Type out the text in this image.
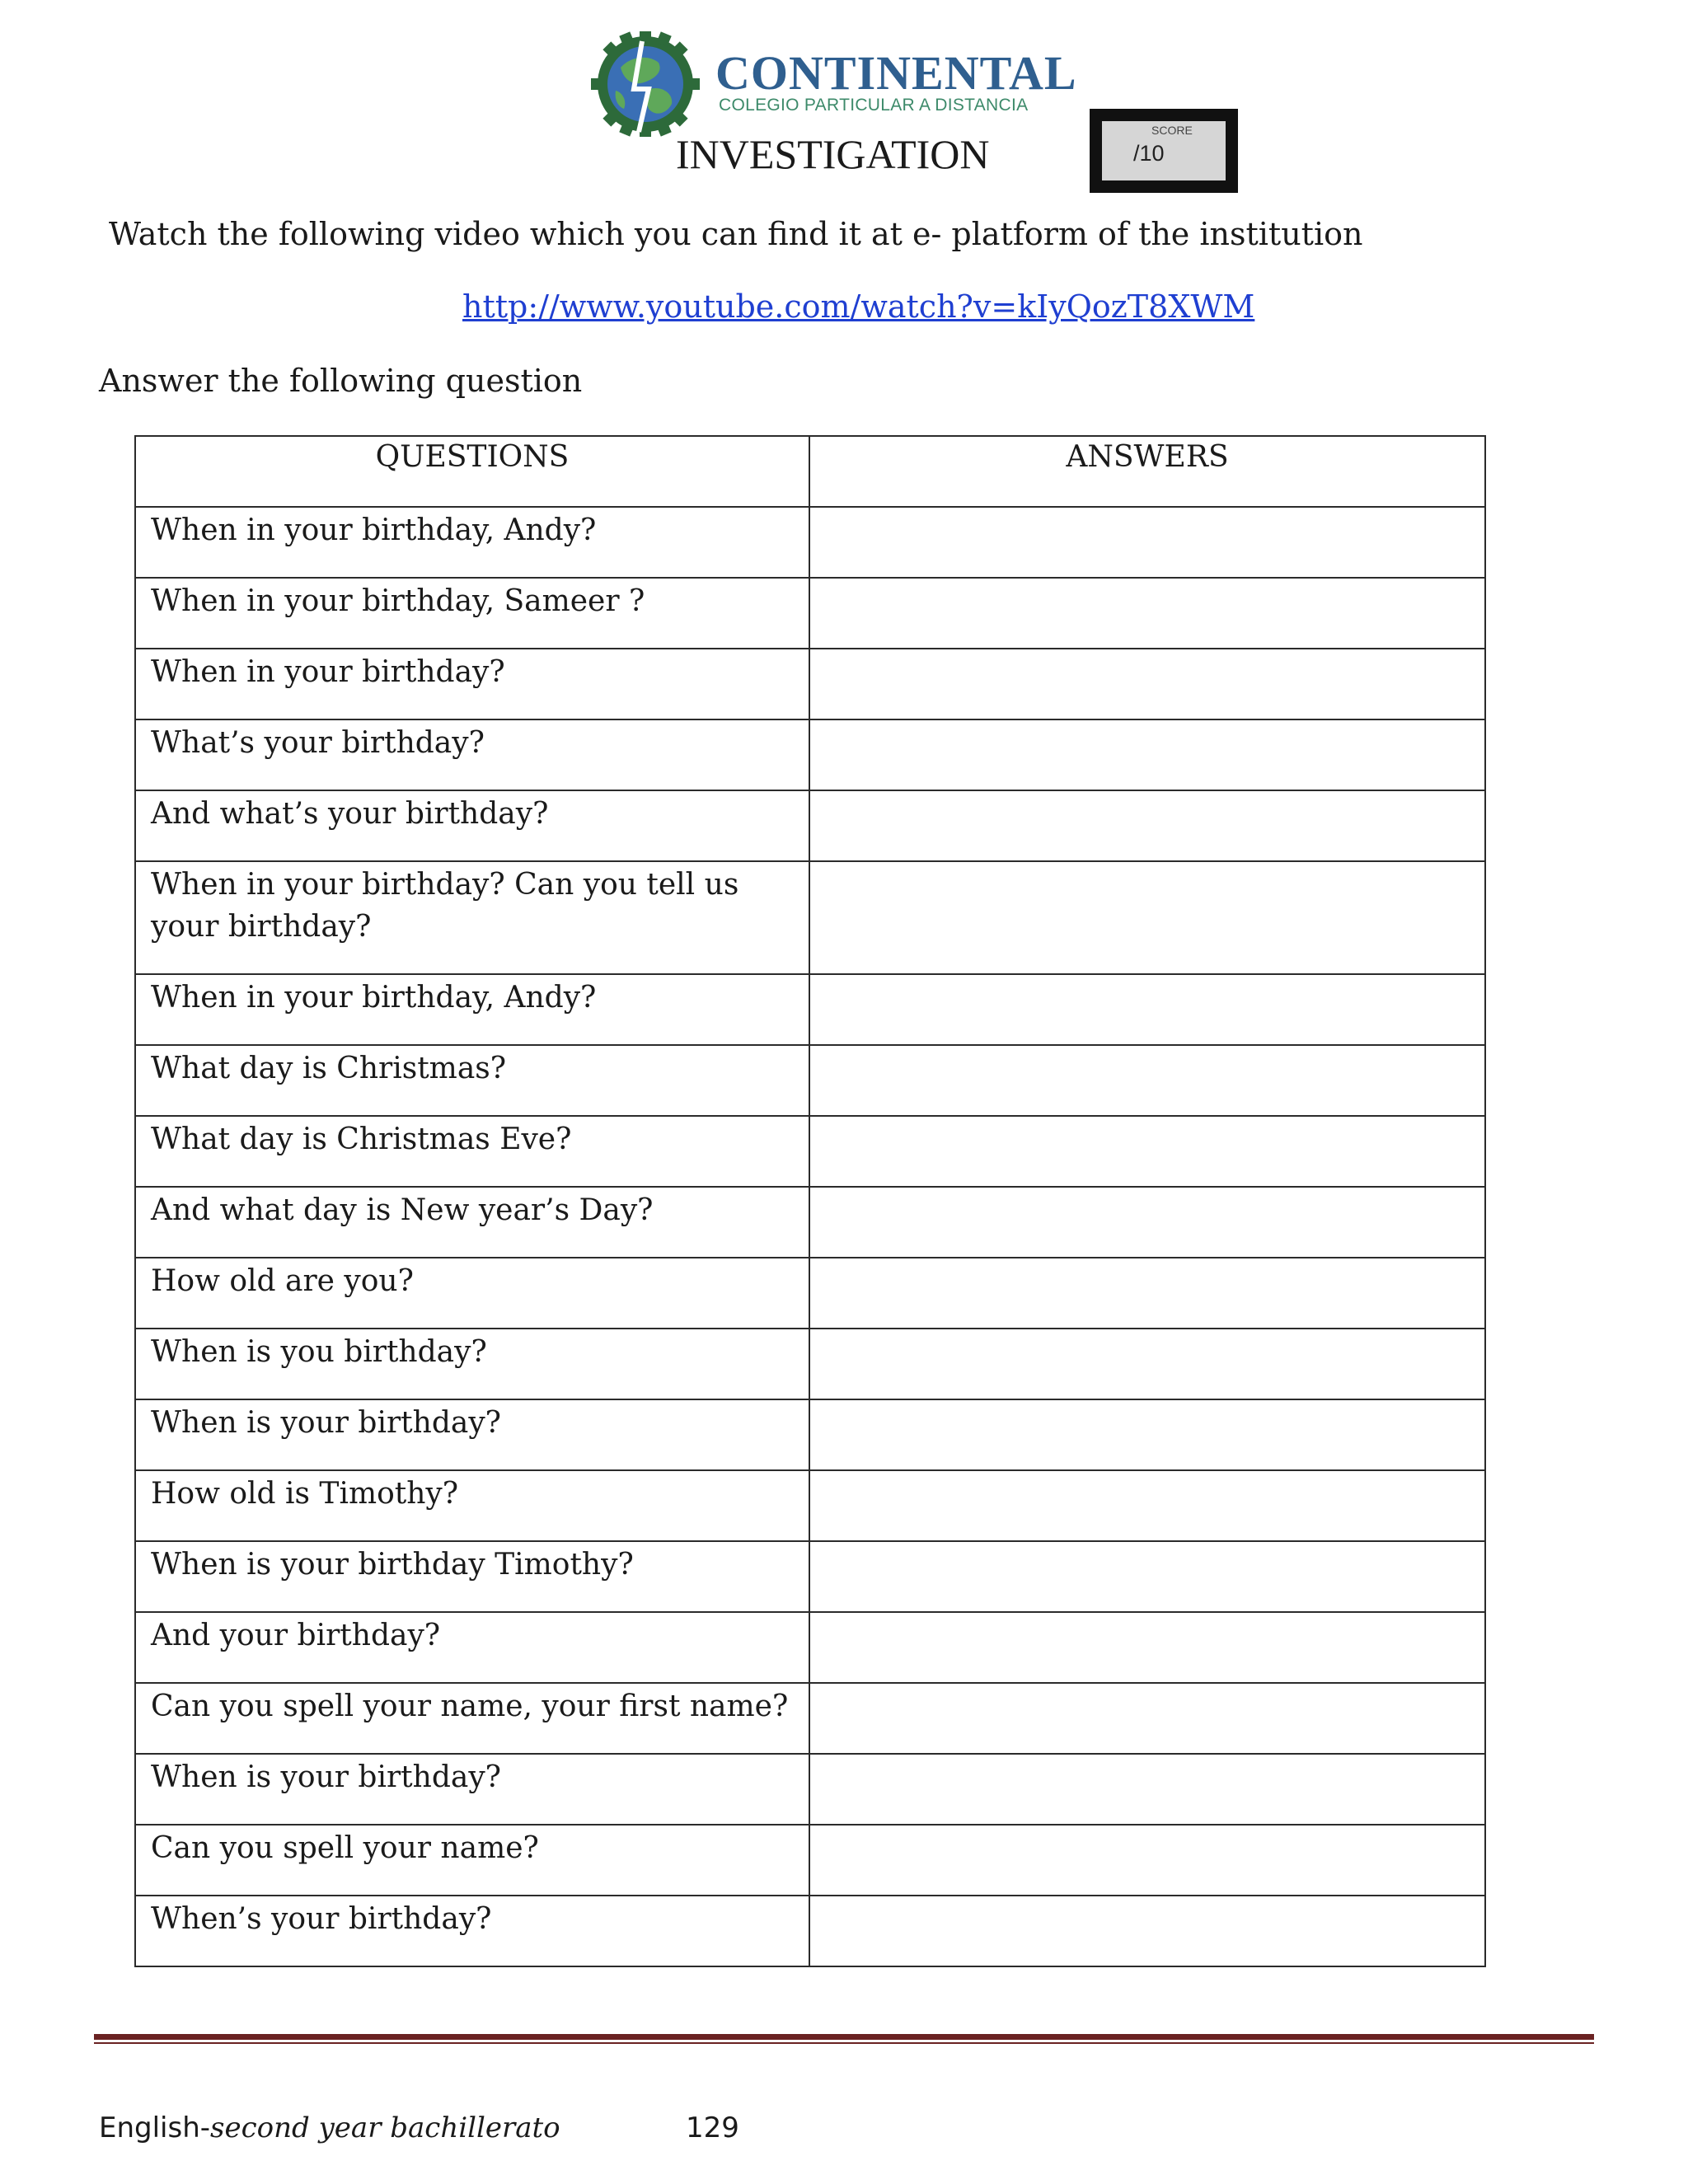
CONTINENTAL
COLEGIO PARTICULAR A DISTANCIA
INVESTIGATION
SCORE
/10
Watch the following video which you can find it at e- platform of the institution
http://www.youtube.com/watch?v=kIyQozT8XWM
Answer the following question
QUESTIONS	ANSWERS
When in your birthday, Andy?	
When in your birthday, Sameer ?	
When in your birthday?	
What’s your birthday?	
And what’s your birthday?	
When in your birthday? Can you tell us your birthday?	
When in your birthday, Andy?	
What day is Christmas?	
What day is Christmas Eve?	
And what day is New year’s Day?	
How old are you?	
When is you birthday?	
When is your birthday?	
How old is Timothy?	
When is your birthday Timothy?	
And your birthday?	
Can you spell your name, your first name?	
When is your birthday?	
Can you spell your name?	
When’s your birthday?	
English-second year bachillerato	129
